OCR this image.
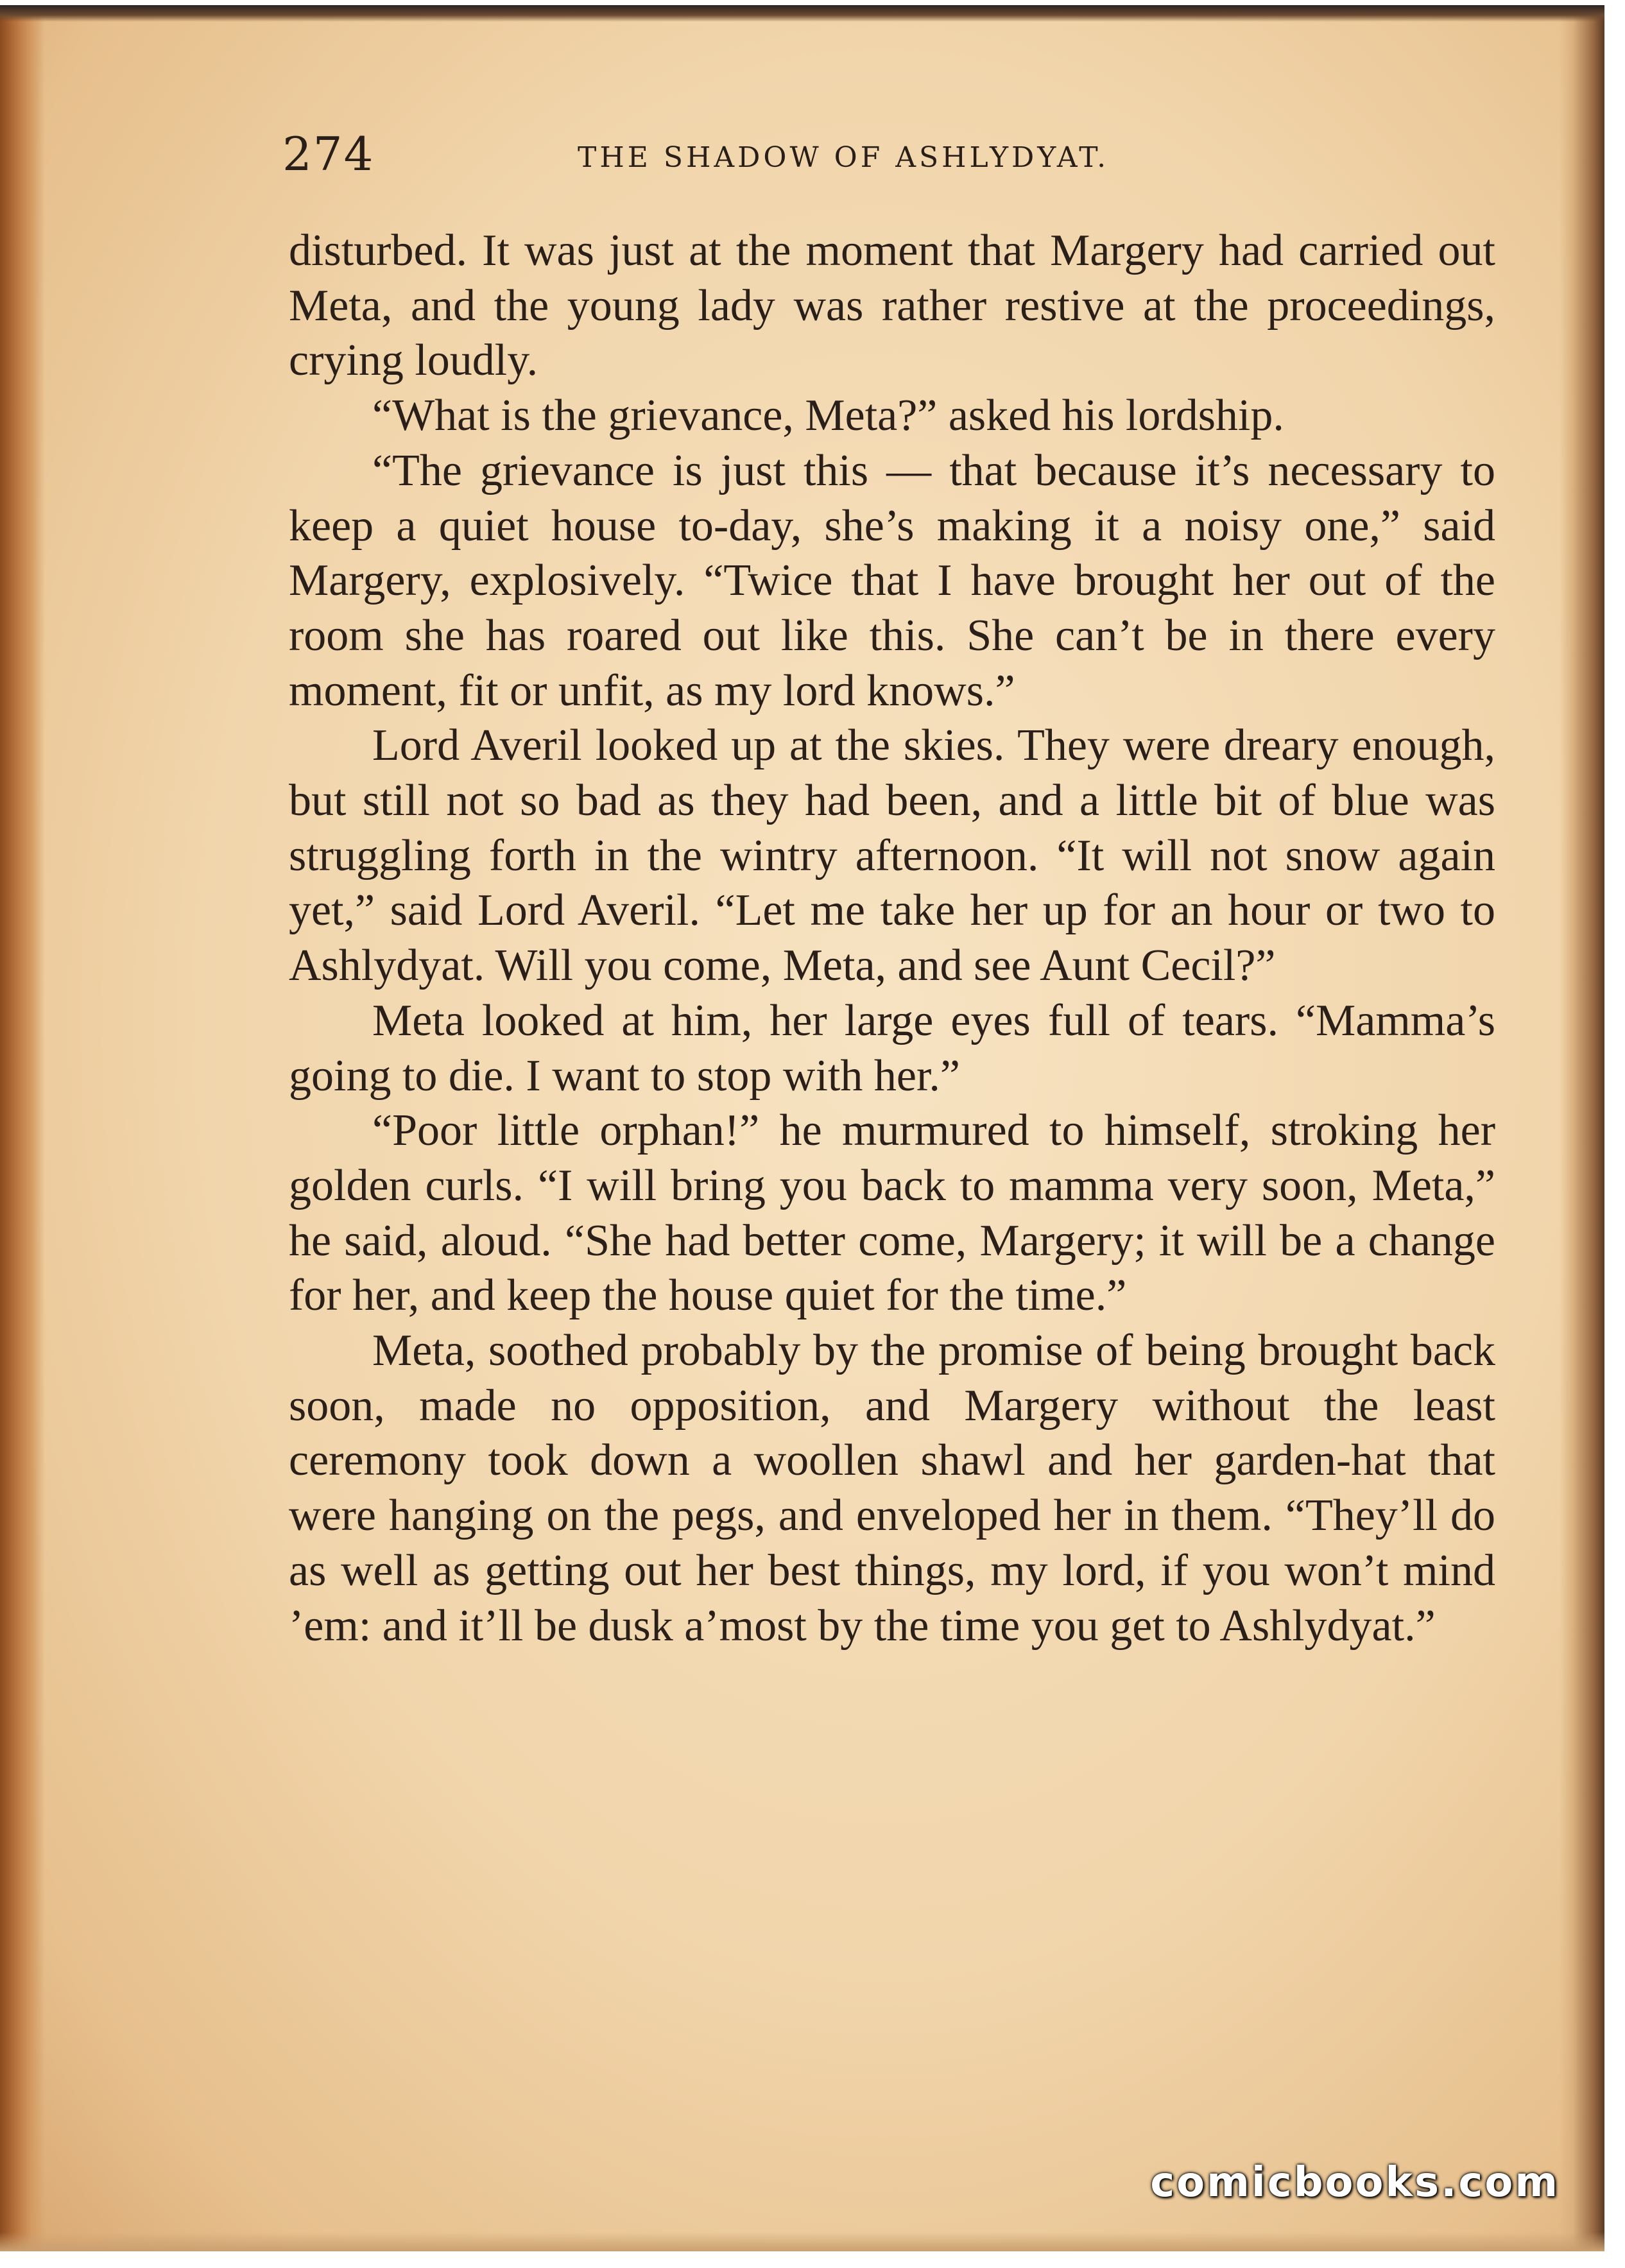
274	THE SHADOW OF ASHLYDYAT.

disturbed. It was just at the moment that Margery had carried out Meta, and the young lady was rather restive at the proceedings, crying loudly.

“What is the grievance, Meta?” asked his lordship.

“The grievance is just this — that because it’s necessary to keep a quiet house to-day, she’s making it a noisy one,” said Margery, explosively. “Twice that I have brought her out of the room she has roared out like this. She can’t be in there every moment, fit or unfit, as my lord knows.”

Lord Averil looked up at the skies. They were dreary enough, but still not so bad as they had been, and a little bit of blue was struggling forth in the wintry afternoon. “It will not snow again yet,” said Lord Averil. “Let me take her up for an hour or two to Ashlydyat. Will you come, Meta, and see Aunt Cecil?”

Meta looked at him, her large eyes full of tears. “Mamma’s going to die. I want to stop with her.”

“Poor little orphan!” he murmured to himself, stroking her golden curls. “I will bring you back to mamma very soon, Meta,” he said, aloud. “She had better come, Margery; it will be a change for her, and keep the house quiet for the time.”

Meta, soothed probably by the promise of being brought back soon, made no opposition, and Margery without the least ceremony took down a woollen shawl and her garden-hat that were hanging on the pegs, and enveloped her in them. “They’ll do as well as getting out her best things, my lord, if you won’t mind ’em: and it’ll be dusk a’most by the time you get to Ashlydyat.”

comicbooks.com
